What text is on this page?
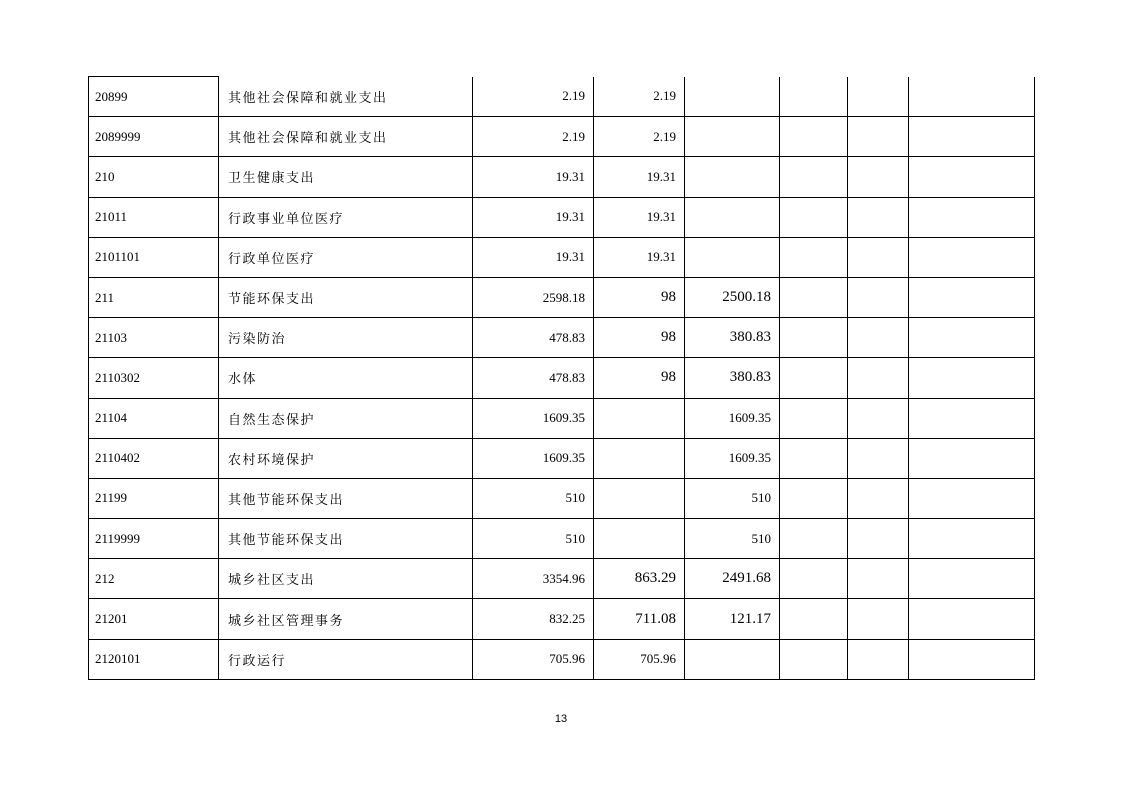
20899	其他社会保障和就业支出	2.19	2.19				
2089999	其他社会保障和就业支出	2.19	2.19				
210	卫生健康支出	19.31	19.31				
21011	行政事业单位医疗	19.31	19.31				
2101101	行政单位医疗	19.31	19.31				
211	节能环保支出	2598.18	98	2500.18			
21103	污染防治	478.83	98	380.83			
2110302	水体	478.83	98	380.83			
21104	自然生态保护	1609.35		1609.35			
2110402	农村环境保护	1609.35		1609.35			
21199	其他节能环保支出	510		510			
2119999	其他节能环保支出	510		510			
212	城乡社区支出	3354.96	863.29	2491.68			
21201	城乡社区管理事务	832.25	711.08	121.17			
2120101	行政运行	705.96	705.96				
13
